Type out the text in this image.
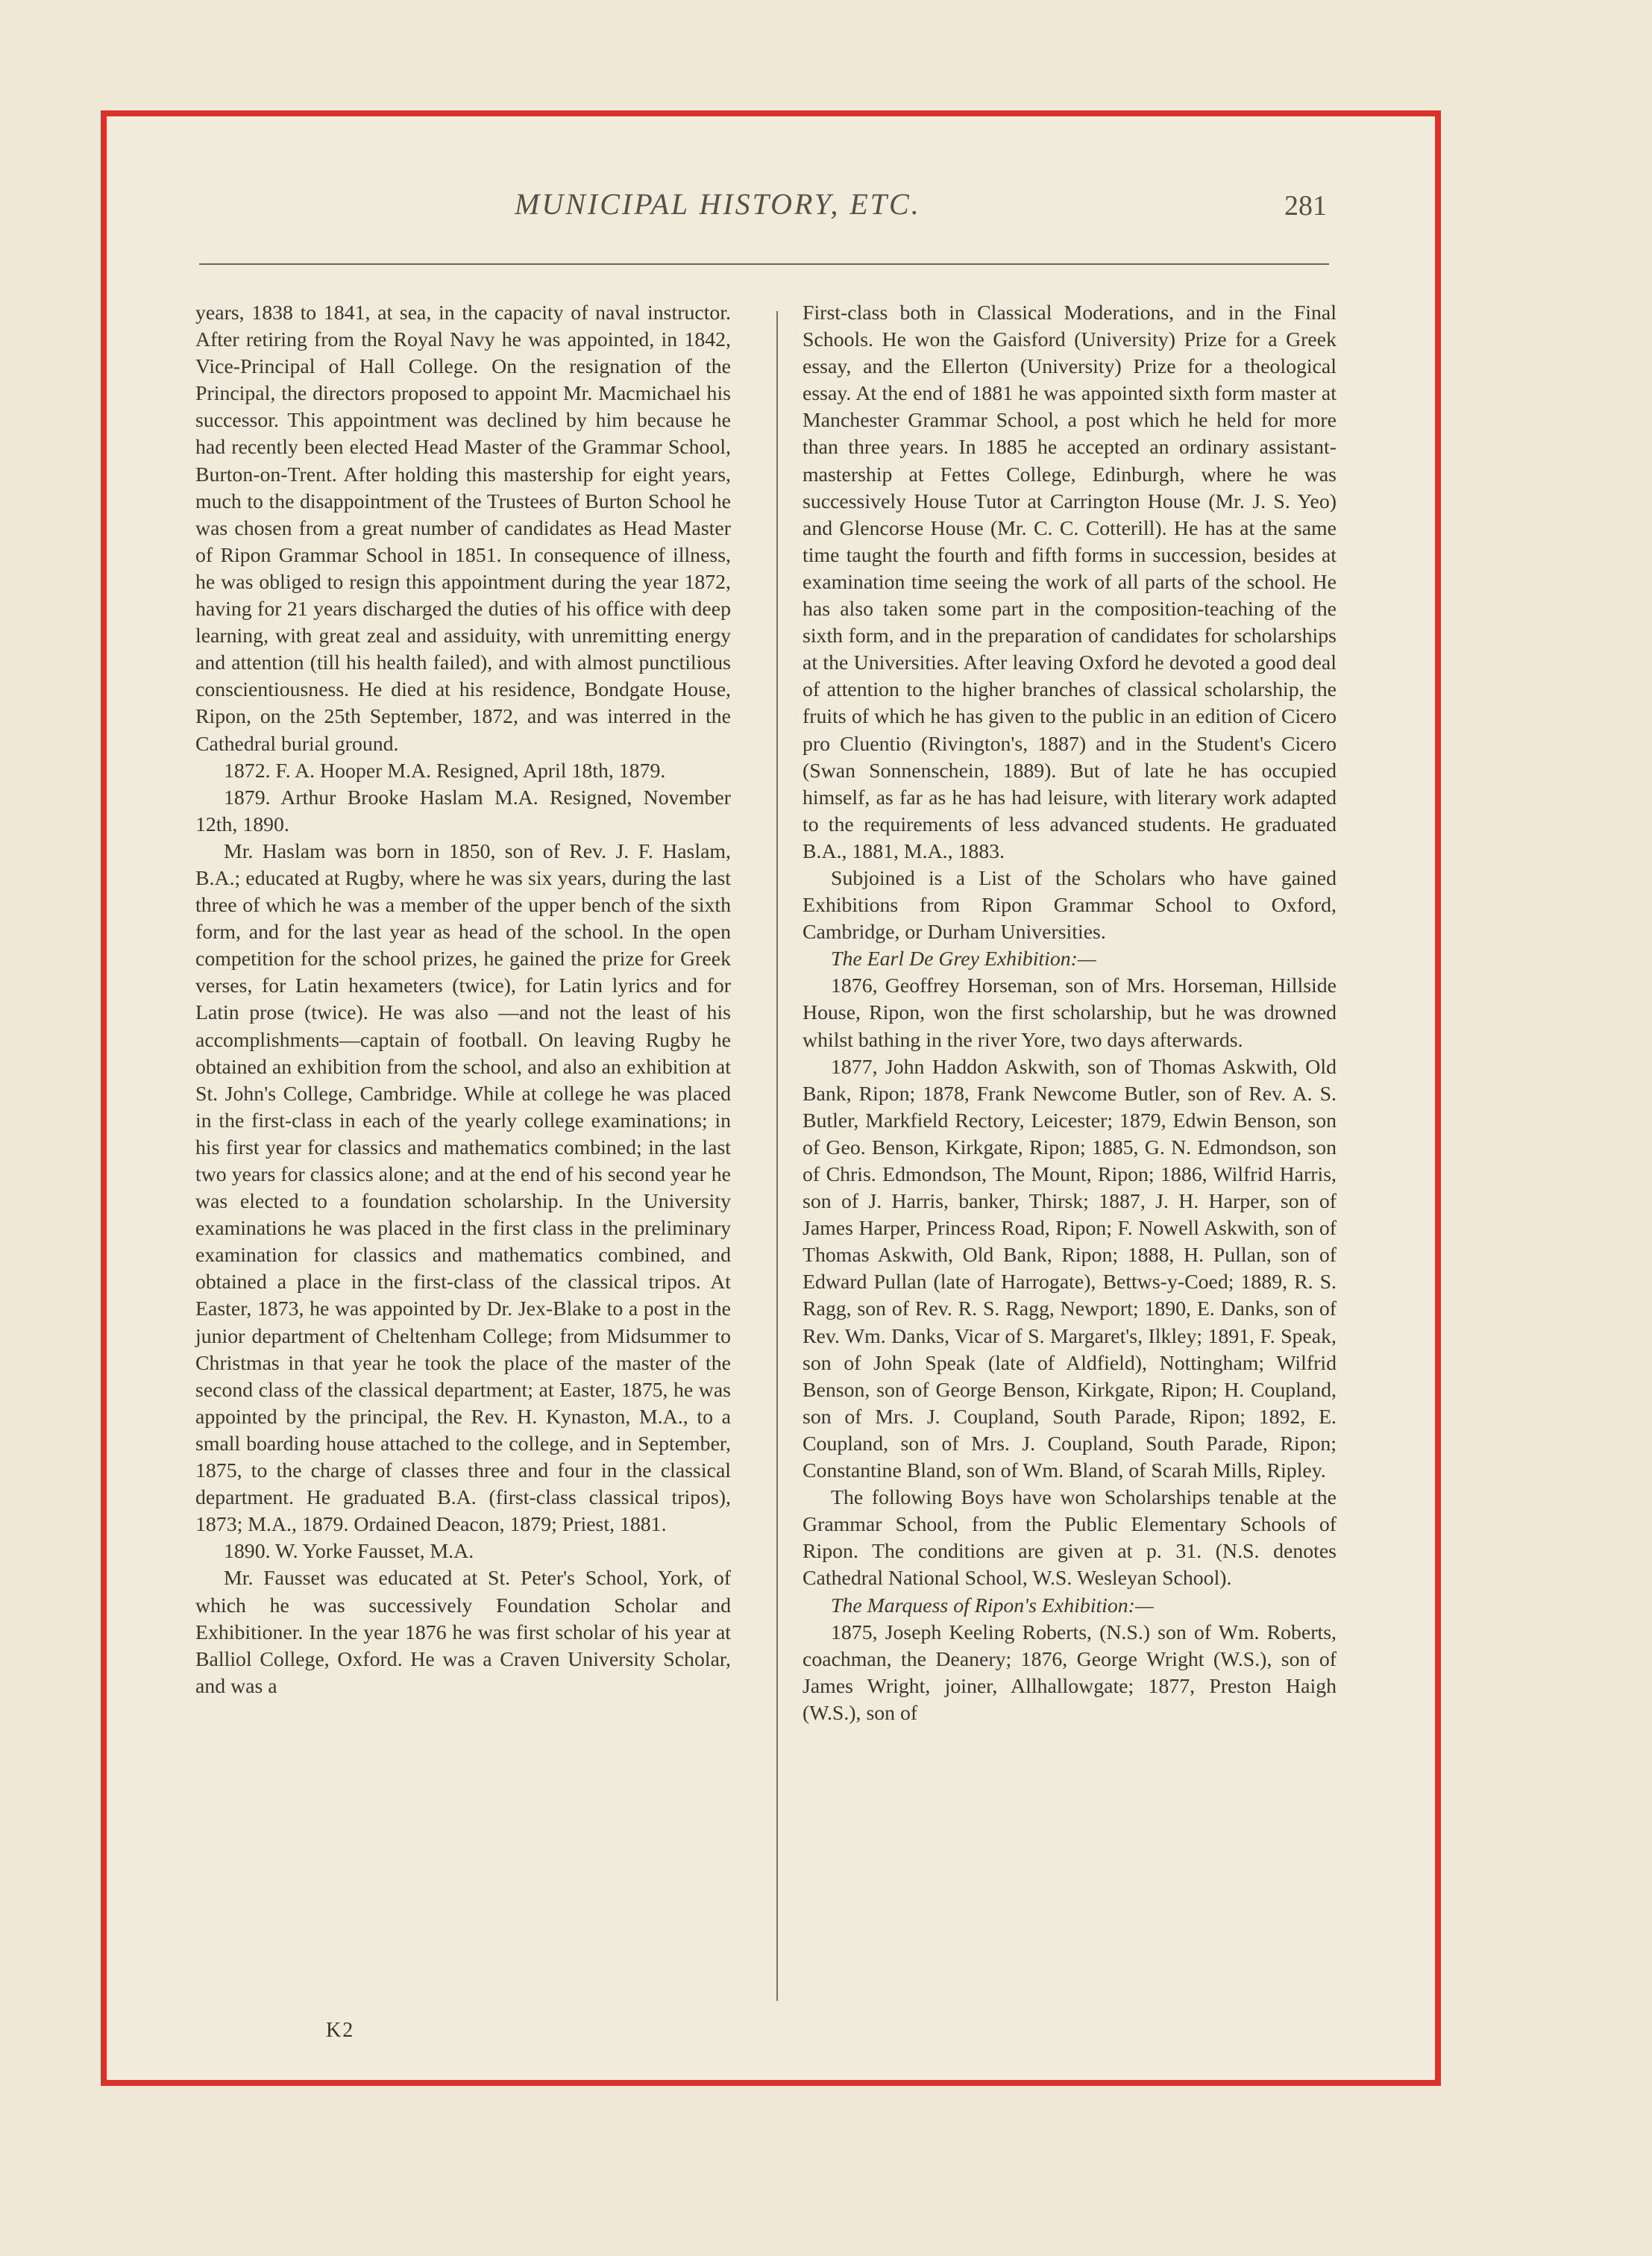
MUNICIPAL HISTORY, ETC.	281

years, 1838 to 1841, at sea, in the capacity of naval instructor. After retiring from the Royal Navy he was appointed, in 1842, Vice-Principal of Hall College. On the resignation of the Principal, the directors proposed to appoint Mr. Macmichael his successor. This appointment was declined by him because he had recently been elected Head Master of the Grammar School, Burton-on-Trent. After holding this mastership for eight years, much to the disappointment of the Trustees of Burton School he was chosen from a great number of candidates as Head Master of Ripon Grammar School in 1851. In consequence of illness, he was obliged to resign this appointment during the year 1872, having for 21 years discharged the duties of his office with deep learning, with great zeal and assiduity, with unremitting energy and attention (till his health failed), and with almost punctilious conscientiousness. He died at his residence, Bondgate House, Ripon, on the 25th September, 1872, and was interred in the Cathedral burial ground.

1872. F. A. Hooper M.A. Resigned, April 18th, 1879.

1879. Arthur Brooke Haslam M.A. Resigned, November 12th, 1890.

Mr. Haslam was born in 1850, son of Rev. J. F. Haslam, B.A.; educated at Rugby, where he was six years, during the last three of which he was a member of the upper bench of the sixth form, and for the last year as head of the school. In the open competition for the school prizes, he gained the prize for Greek verses, for Latin hexameters (twice), for Latin lyrics and for Latin prose (twice). He was also —and not the least of his accomplishments—captain of football. On leaving Rugby he obtained an exhibition from the school, and also an exhibition at St. John's College, Cambridge. While at college he was placed in the first-class in each of the yearly college examinations; in his first year for classics and mathematics combined; in the last two years for classics alone; and at the end of his second year he was elected to a foundation scholarship. In the University examinations he was placed in the first class in the preliminary examination for classics and mathematics combined, and obtained a place in the first-class of the classical tripos. At Easter, 1873, he was appointed by Dr. Jex-Blake to a post in the junior department of Cheltenham College; from Midsummer to Christmas in that year he took the place of the master of the second class of the classical department; at Easter, 1875, he was appointed by the principal, the Rev. H. Kynaston, M.A., to a small boarding house attached to the college, and in September, 1875, to the charge of classes three and four in the classical department. He graduated B.A. (first-class classical tripos), 1873; M.A., 1879. Ordained Deacon, 1879; Priest, 1881.

1890. W. Yorke Fausset, M.A.

Mr. Fausset was educated at St. Peter's School, York, of which he was successively Foundation Scholar and Exhibitioner. In the year 1876 he was first scholar of his year at Balliol College, Oxford. He was a Craven University Scholar, and was a

First-class both in Classical Moderations, and in the Final Schools. He won the Gaisford (University) Prize for a Greek essay, and the Ellerton (University) Prize for a theological essay. At the end of 1881 he was appointed sixth form master at Manchester Grammar School, a post which he held for more than three years. In 1885 he accepted an ordinary assistant-mastership at Fettes College, Edinburgh, where he was successively House Tutor at Carrington House (Mr. J. S. Yeo) and Glencorse House (Mr. C. C. Cotterill). He has at the same time taught the fourth and fifth forms in succession, besides at examination time seeing the work of all parts of the school. He has also taken some part in the composition-teaching of the sixth form, and in the preparation of candidates for scholarships at the Universities. After leaving Oxford he devoted a good deal of attention to the higher branches of classical scholarship, the fruits of which he has given to the public in an edition of Cicero pro Cluentio (Rivington's, 1887) and in the Student's Cicero (Swan Sonnenschein, 1889). But of late he has occupied himself, as far as he has had leisure, with literary work adapted to the requirements of less advanced students. He graduated B.A., 1881, M.A., 1883.

Subjoined is a List of the Scholars who have gained Exhibitions from Ripon Grammar School to Oxford, Cambridge, or Durham Universities.

The Earl De Grey Exhibition:—

1876, Geoffrey Horseman, son of Mrs. Horseman, Hillside House, Ripon, won the first scholarship, but he was drowned whilst bathing in the river Yore, two days afterwards.

1877, John Haddon Askwith, son of Thomas Askwith, Old Bank, Ripon; 1878, Frank Newcome Butler, son of Rev. A. S. Butler, Markfield Rectory, Leicester; 1879, Edwin Benson, son of Geo. Benson, Kirkgate, Ripon; 1885, G. N. Edmondson, son of Chris. Edmondson, The Mount, Ripon; 1886, Wilfrid Harris, son of J. Harris, banker, Thirsk; 1887, J. H. Harper, son of James Harper, Princess Road, Ripon; F. Nowell Askwith, son of Thomas Askwith, Old Bank, Ripon; 1888, H. Pullan, son of Edward Pullan (late of Harrogate), Bettws-y-Coed; 1889, R. S. Ragg, son of Rev. R. S. Ragg, Newport; 1890, E. Danks, son of Rev. Wm. Danks, Vicar of S. Margaret's, Ilkley; 1891, F. Speak, son of John Speak (late of Aldfield), Nottingham; Wilfrid Benson, son of George Benson, Kirkgate, Ripon; H. Coupland, son of Mrs. J. Coupland, South Parade, Ripon; 1892, E. Coupland, son of Mrs. J. Coupland, South Parade, Ripon; Constantine Bland, son of Wm. Bland, of Scarah Mills, Ripley.

The following Boys have won Scholarships tenable at the Grammar School, from the Public Elementary Schools of Ripon. The conditions are given at p. 31. (N.S. denotes Cathedral National School, W.S. Wesleyan School).

The Marquess of Ripon's Exhibition:—

1875, Joseph Keeling Roberts, (N.S.) son of Wm. Roberts, coachman, the Deanery; 1876, George Wright (W.S.), son of James Wright, joiner, Allhallowgate; 1877, Preston Haigh (W.S.), son of

K2
